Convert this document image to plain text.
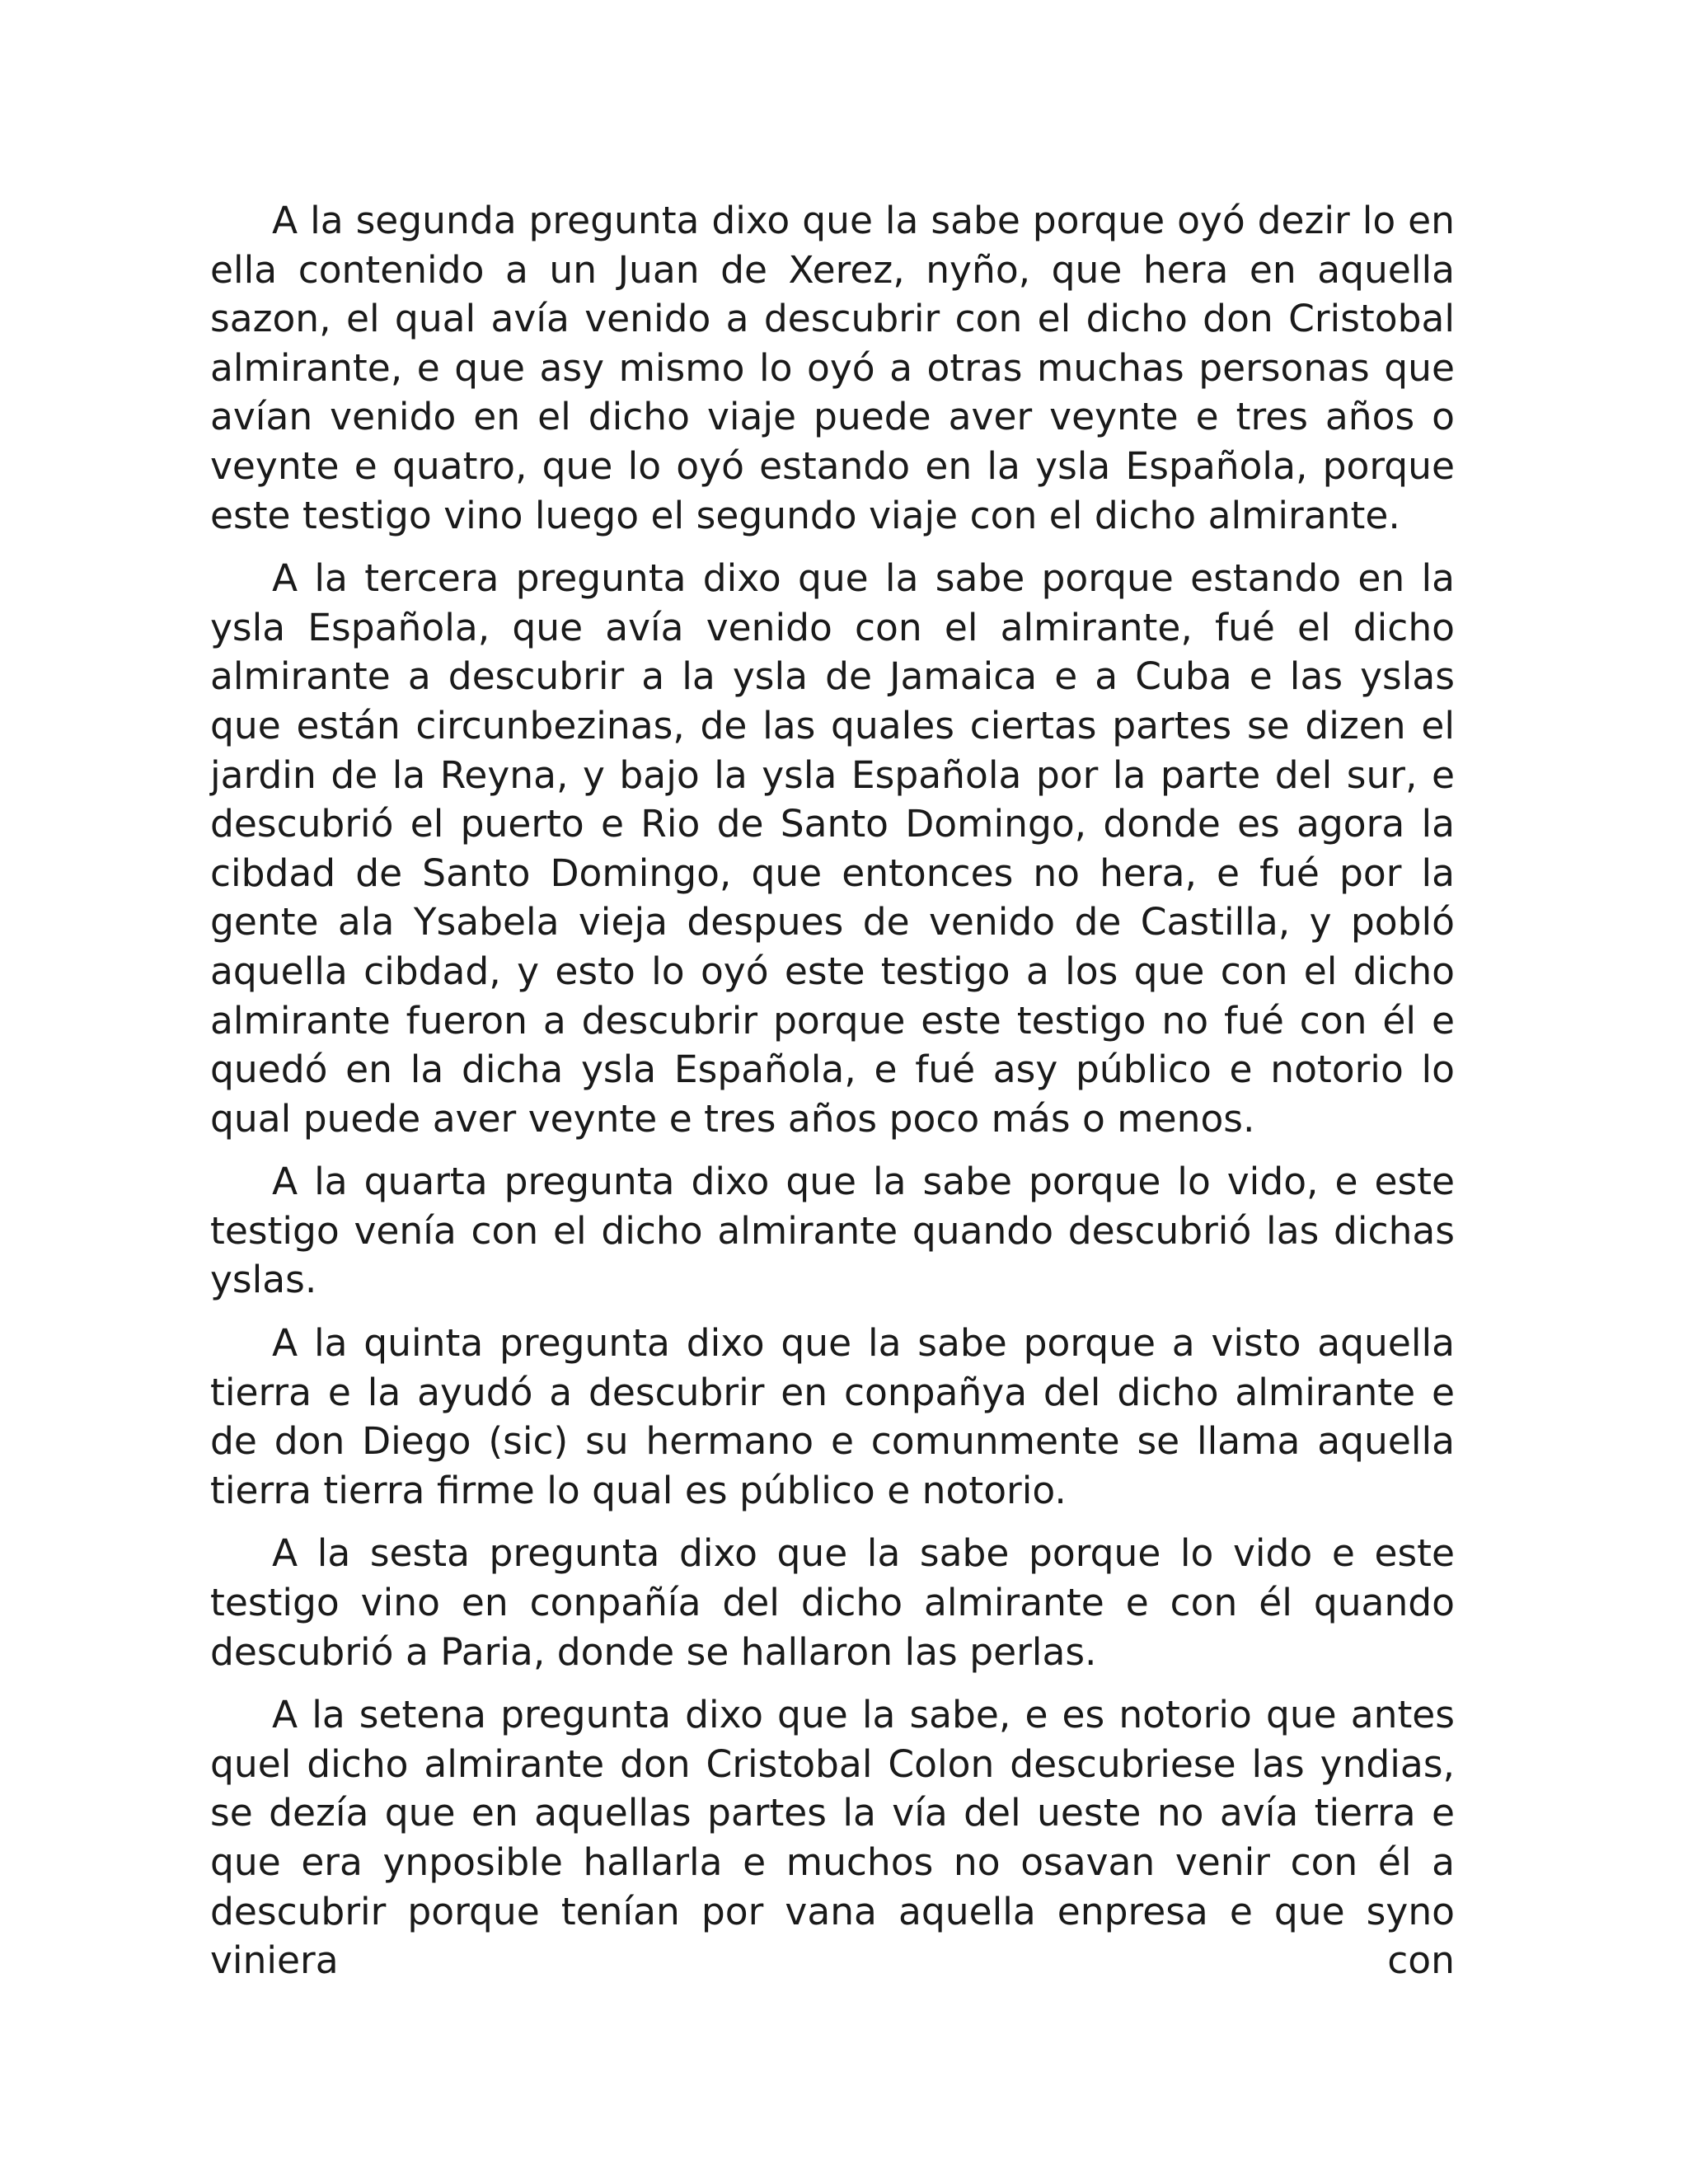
A la segunda pregunta dixo que la sabe porque oyó dezir lo en ella contenido a un Juan de Xerez, nyño, que hera en aquella sazon, el qual avía venido a descubrir con el dicho don Cristobal almirante, e que asy mismo lo oyó a otras muchas personas que avían venido en el dicho viaje puede aver veynte e tres años o veynte e quatro, que lo oyó estando en la ysla Española, porque este testigo vino luego el segundo viaje con el dicho almirante.

A la tercera pregunta dixo que la sabe porque estando en la ysla Española, que avía venido con el almirante, fué el dicho almirante a descubrir a la ysla de Jamaica e a Cuba e las yslas que están circunbezinas, de las quales ciertas partes se dizen el jardin de la Reyna, y bajo la ysla Española por la parte del sur, e descubrió el puerto e Rio de Santo Domingo, donde es agora la cibdad de Santo Domingo, que entonces no hera, e fué por la gente ala Ysabela vieja despues de venido de Castilla, y pobló aquella cibdad, y esto lo oyó este testigo a los que con el dicho almirante fueron a descubrir porque este testigo no fué con él e quedó en la dicha ysla Española, e fué asy público e notorio lo qual puede aver veynte e tres años poco más o menos.

A la quarta pregunta dixo que la sabe porque lo vido, e este testigo venía con el dicho almirante quando descubrió las dichas yslas.

A la quinta pregunta dixo que la sabe porque a visto aquella tierra e la ayudó a descubrir en conpañya del dicho almirante e de don Diego (sic) su hermano e comunmente se llama aquella tierra tierra firme lo qual es público e notorio.

A la sesta pregunta dixo que la sabe porque lo vido e este testigo vino en conpañía del dicho almirante e con él quando descubrió a Paria, donde se hallaron las perlas.

A la setena pregunta dixo que la sabe, e es notorio que antes quel dicho almirante don Cristobal Colon descubriese las yndias, se dezía que en aquellas partes la vía del ueste no avía tierra e que era ynposible hallarla e muchos no osavan venir con él a descubrir porque tenían por vana aquella enpresa e que syno viniera con
